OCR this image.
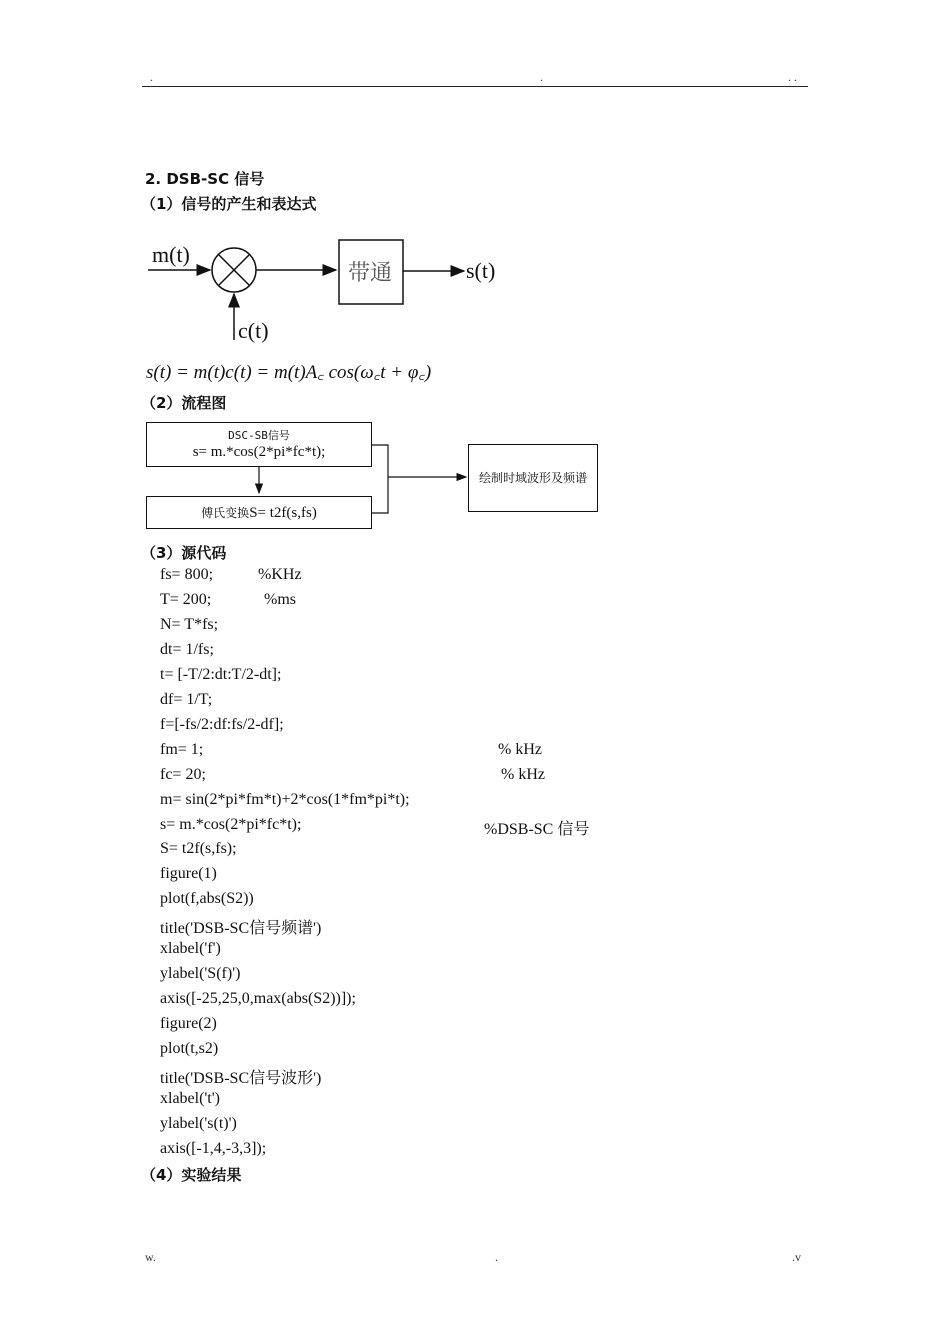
.	.	. .
2. DSB-SC 信号
（1）信号的产生和表达式
m(t)
c(t)
带通	s(t)
s(t) = m(t)c(t) = m(t)A꜀ cos(ω꜀t + φ꜀)
（2）流程图
DSC-SB信号
s= m.*cos(2*pi*fc*t);
傅氏变换S= t2f(s,fs)
绘制时域波形及频谱
（3）源代码
fs= 800;	%KHz
T= 200;	%ms
N= T*fs;
dt= 1/fs;
t= [-T/2:dt:T/2-dt];
df= 1/T;
f=[-fs/2:df:fs/2-df];
fm= 1;	% kHz
fc= 20;	% kHz
m= sin(2*pi*fm*t)+2*cos(1*fm*pi*t);
s= m.*cos(2*pi*fc*t);	%DSB-SC 信号
S= t2f(s,fs);
figure(1)
plot(f,abs(S2))
title('DSB-SC信号频谱')
xlabel('f')
ylabel('S(f)')
axis([-25,25,0,max(abs(S2))]);
figure(2)
plot(t,s2)
title('DSB-SC信号波形')
xlabel('t')
ylabel('s(t)')
axis([-1,4,-3,3]);
（4）实验结果
w.	.	.v
